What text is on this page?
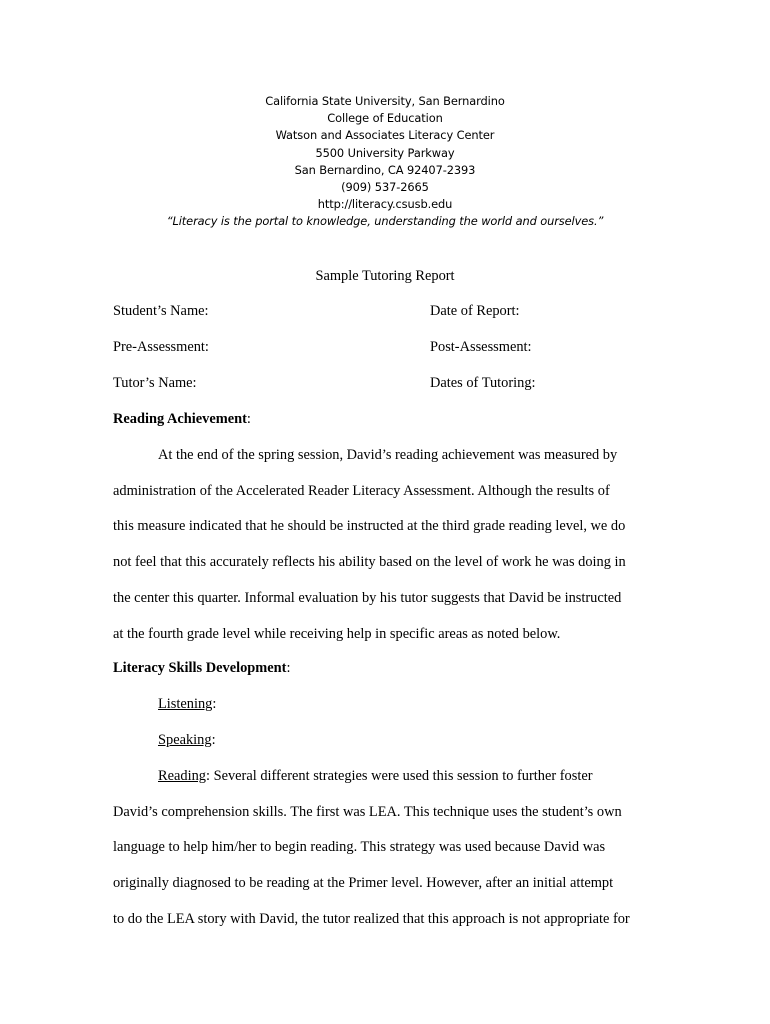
California State University, San Bernardino
College of Education
Watson and Associates Literacy Center
5500 University Parkway
San Bernardino, CA 92407-2393
(909) 537-2665
http://literacy.csusb.edu
“Literacy is the portal to knowledge, understanding the world and ourselves.”
Sample Tutoring Report
Student’s Name:	Date of Report:
Pre-Assessment:	Post-Assessment:
Tutor’s Name:	Dates of Tutoring:
Reading Achievement:
At the end of the spring session, David’s reading achievement was measured by
administration of the Accelerated Reader Literacy Assessment. Although the results of
this measure indicated that he should be instructed at the third grade reading level, we do
not feel that this accurately reflects his ability based on the level of work he was doing in
the center this quarter. Informal evaluation by his tutor suggests that David be instructed
at the fourth grade level while receiving help in specific areas as noted below.
Literacy Skills Development:
Listening:
Speaking:
Reading: Several different strategies were used this session to further foster
David’s comprehension skills. The first was LEA. This technique uses the student’s own
language to help him/her to begin reading. This strategy was used because David was
originally diagnosed to be reading at the Primer level. However, after an initial attempt
to do the LEA story with David, the tutor realized that this approach is not appropriate for
